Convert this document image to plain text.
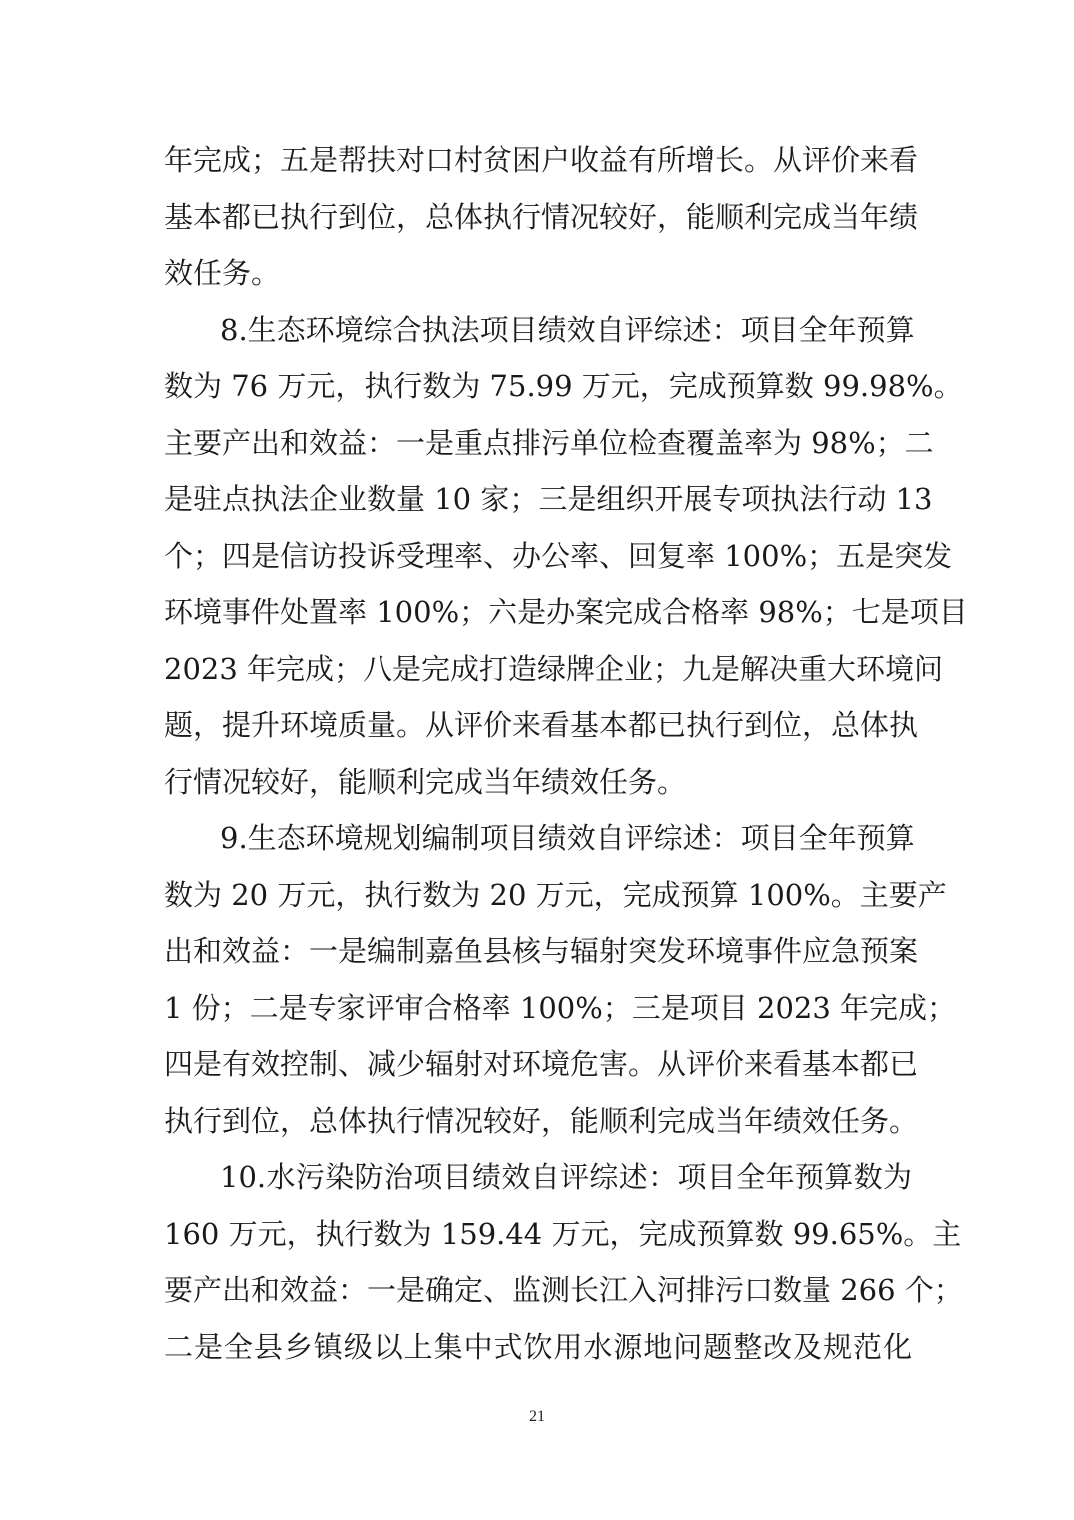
年完成；五是帮扶对口村贫困户收益有所增长。从评价来看
基本都已执行到位，总体执行情况较好，能顺利完成当年绩
效任务。
8.生态环境综合执法项目绩效自评综述：项目全年预算
数为 76 万元，执行数为 75.99 万元，完成预算数 99.98%。
主要产出和效益：一是重点排污单位检查覆盖率为 98%；二
是驻点执法企业数量 10 家；三是组织开展专项执法行动 13
个；四是信访投诉受理率、办公率、回复率 100%；五是突发
环境事件处置率 100%；六是办案完成合格率 98%；七是项目
2023 年完成；八是完成打造绿牌企业；九是解决重大环境问
题，提升环境质量。从评价来看基本都已执行到位，总体执
行情况较好，能顺利完成当年绩效任务。
9.生态环境规划编制项目绩效自评综述：项目全年预算
数为 20 万元，执行数为 20 万元，完成预算 100%。主要产
出和效益：一是编制嘉鱼县核与辐射突发环境事件应急预案
1 份；二是专家评审合格率 100%；三是项目 2023 年完成；
四是有效控制、减少辐射对环境危害。从评价来看基本都已
执行到位，总体执行情况较好，能顺利完成当年绩效任务。
10.水污染防治项目绩效自评综述：项目全年预算数为
160 万元，执行数为 159.44 万元，完成预算数 99.65%。主
要产出和效益：一是确定、监测长江入河排污口数量 266 个；
二是全县乡镇级以上集中式饮用水源地问题整改及规范化
21
